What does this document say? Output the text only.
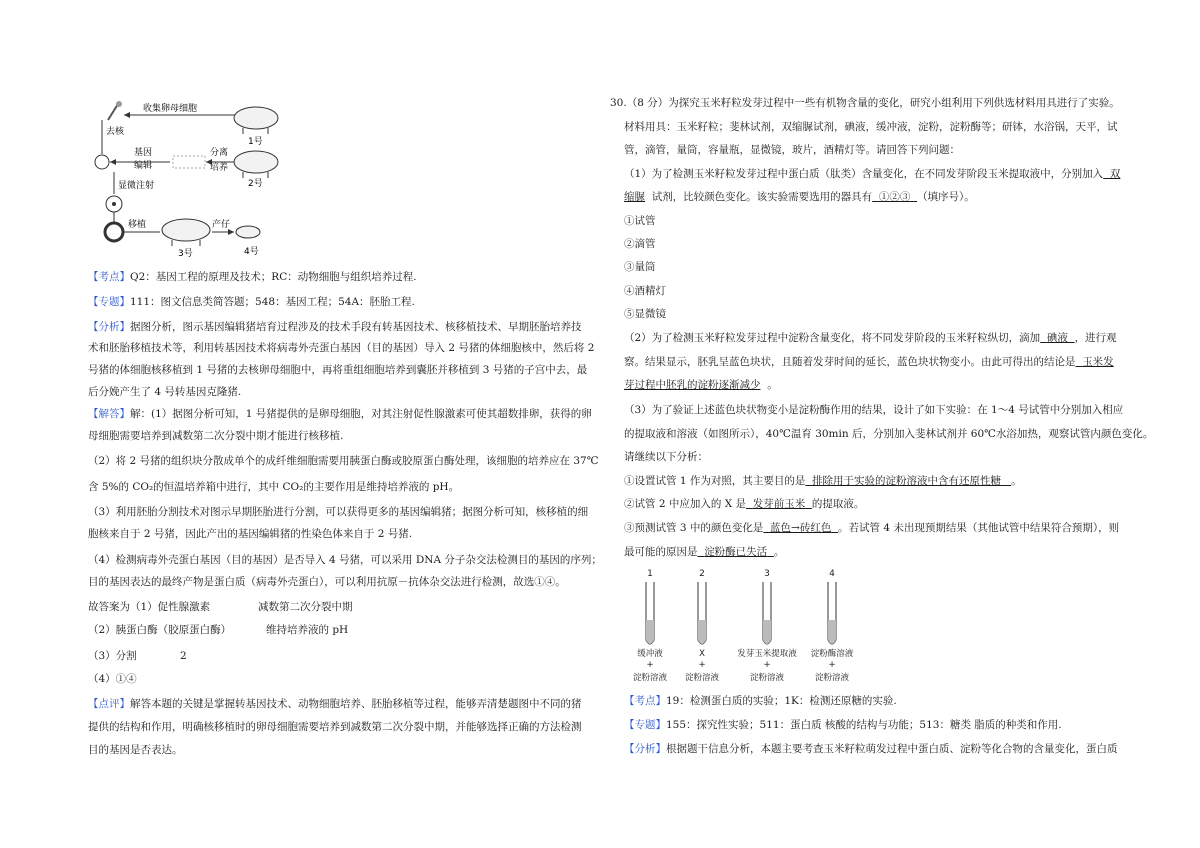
收集卵母细胞
1号
去核
基因
编辑
分离
培养
2号
显微注射
移植
3号
产仔
4号
【考点】Q2：基因工程的原理及技术；RC：动物细胞与组织培养过程.
【专题】111：图文信息类简答题；548：基因工程；54A：胚胎工程.
【分析】据图分析，图示基因编辑猪培育过程涉及的技术手段有转基因技术、核移植技术、早期胚胎培养技
术和胚胎移植技术等，利用转基因技术将病毒外壳蛋白基因（目的基因）导入 2 号猪的体细胞核中，然后将 2
号猪的体细胞核移植到 1 号猪的去核卵母细胞中，再将重组细胞培养到囊胚并移植到 3 号猪的子宫中去，最
后分娩产生了 4 号转基因克隆猪.
【解答】解：(1）据图分析可知，1 号猪提供的是卵母细胞，对其注射促性腺激素可使其超数排卵，获得的卵
母细胞需要培养到减数第二次分裂中期才能进行核移植.
（2）将 2 号猪的组织块分散成单个的成纤维细胞需要用胰蛋白酶或胶原蛋白酶处理，该细胞的培养应在 37℃
含 5%的 CO₂的恒温培养箱中进行，其中 CO₂的主要作用是维持培养液的 pH。
（3）利用胚胎分割技术对图示早期胚胎进行分割，可以获得更多的基因编辑猪；据图分析可知，核移植的细
胞核来自于 2 号猪，因此产出的基因编辑猪的性染色体来自于 2 号猪.
（4）检测病毒外壳蛋白基因（目的基因）是否导入 4 号猪，可以采用 DNA 分子杂交法检测目的基因的序列；
目的基因表达的最终产物是蛋白质（病毒外壳蛋白），可以利用抗原－抗体杂交法进行检测，故选①④。
故答案为（1）促性腺激素	减数第二次分裂中期
（2）胰蛋白酶（胶原蛋白酶）	维持培养液的 pH
（3）分割	2
（4）①④
【点评】解答本题的关键是掌握转基因技术、动物细胞培养、胚胎移植等过程，能够弄清楚题图中不同的猪
提供的结构和作用，明确核移植时的卵母细胞需要培养到减数第二次分裂中期，并能够选择正确的方法检测
目的基因是否表达。
30.（8 分）为探究玉米籽粒发芽过程中一些有机物含量的变化，研究小组利用下列供选材料用具进行了实验。
材料用具：玉米籽粒；斐林试剂，双缩脲试剂，碘液，缓冲液，淀粉，淀粉酶等；研钵，水浴锅，天平，试
管，滴管，量筒，容量瓶，显微镜，玻片，酒精灯等。请回答下列问题：
（1）为了检测玉米籽粒发芽过程中蛋白质（肽类）含量变化，在不同发芽阶段玉米提取液中，分别加入 双
缩脲 试剂，比较颜色变化。该实验需要选用的器具有 ①②③ （填序号）。
①试管
②滴管
③量筒
④酒精灯
⑤显微镜
（2）为了检测玉米籽粒发芽过程中淀粉含量变化，将不同发芽阶段的玉米籽粒纵切，滴加 碘液 ，进行观
察。结果显示，胚乳呈蓝色块状，且随着发芽时间的延长，蓝色块状物变小。由此可得出的结论是 玉米发
芽过程中胚乳的淀粉逐渐减少 。
（3）为了验证上述蓝色块状物变小是淀粉酶作用的结果，设计了如下实验：在 1～4 号试管中分别加入相应
的提取液和溶液（如图所示），40℃温育 30min 后，分别加入斐林试剂并 60℃水浴加热，观察试管内颜色变化。
请继续以下分析：
①设置试管 1 作为对照，其主要目的是 排除用于实验的淀粉溶液中含有还原性糖 。
②试管 2 中应加入的 X 是 发芽前玉米 的提取液。
③预测试管 3 中的颜色变化是 蓝色→砖红色 。若试管 4 未出现预期结果（其他试管中结果符合预期），则
最可能的原因是 淀粉酶已失活 。
1
缓冲液
+
淀粉溶液
2
X
+
淀粉溶液
3
发芽玉米提取液
+
淀粉溶液
4
淀粉酶溶液
+
淀粉溶液
【考点】19：检测蛋白质的实验；1K：检测还原糖的实验.
【专题】155：探究性实验；511：蛋白质 核酸的结构与功能；513：糖类 脂质的种类和作用.
【分析】根据题干信息分析，本题主要考查玉米籽粒萌发过程中蛋白质、淀粉等化合物的含量变化，蛋白质
